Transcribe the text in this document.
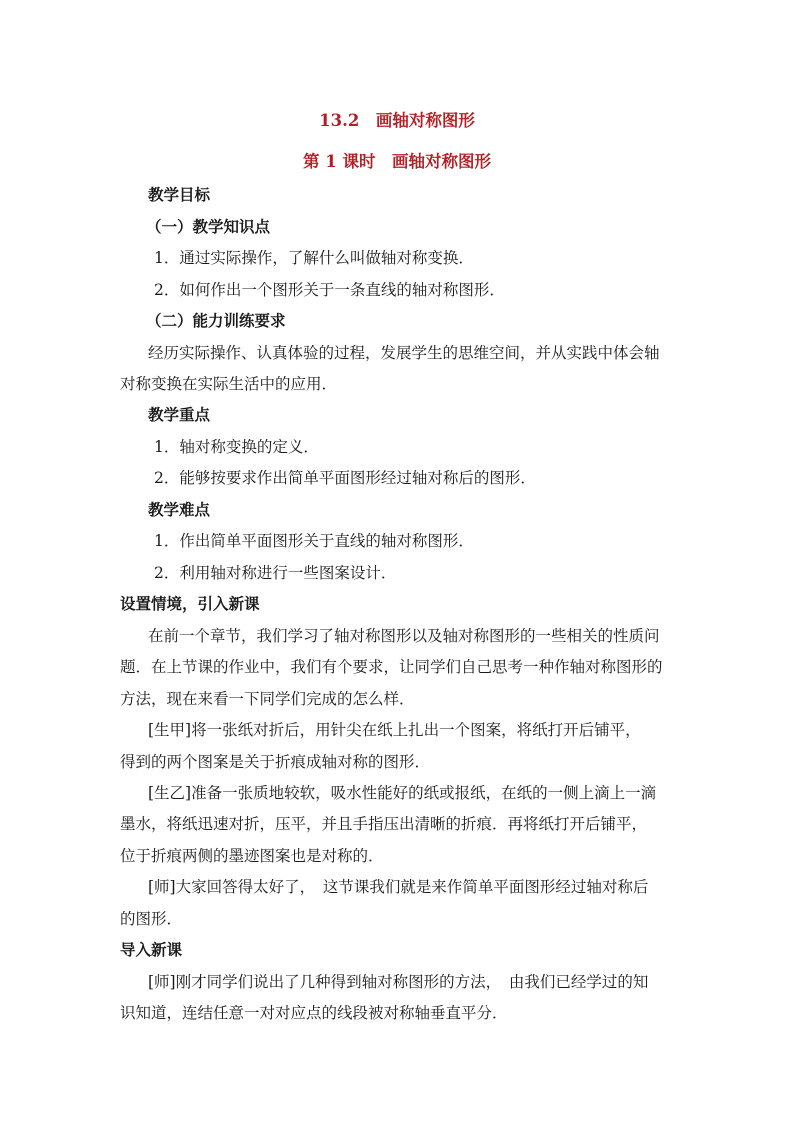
13.2　画轴对称图形
第 1 课时　画轴对称图形
教学目标
（一）教学知识点
1．通过实际操作，了解什么叫做轴对称变换．
2．如何作出一个图形关于一条直线的轴对称图形．
（二）能力训练要求
经历实际操作、认真体验的过程，发展学生的思维空间，并从实践中体会轴
对称变换在实际生活中的应用．
教学重点
1．轴对称变换的定义．
2．能够按要求作出简单平面图形经过轴对称后的图形．
教学难点
1．作出简单平面图形关于直线的轴对称图形．
2．利用轴对称进行一些图案设计．
设置情境，引入新课
在前一个章节，我们学习了轴对称图形以及轴对称图形的一些相关的性质问
题．在上节课的作业中，我们有个要求，让同学们自己思考一种作轴对称图形的
方法，现在来看一下同学们完成的怎么样．
[生甲]将一张纸对折后，用针尖在纸上扎出一个图案，将纸打开后铺平，
得到的两个图案是关于折痕成轴对称的图形．
[生乙]准备一张质地较软，吸水性能好的纸或报纸，在纸的一侧上滴上一滴
墨水，将纸迅速对折，压平，并且手指压出清晰的折痕．再将纸打开后铺平，
位于折痕两侧的墨迹图案也是对称的．
[师]大家回答得太好了，　这节课我们就是来作简单平面图形经过轴对称后
的图形．
导入新课
[师]刚才同学们说出了几种得到轴对称图形的方法，　由我们已经学过的知
识知道，连结任意一对对应点的线段被对称轴垂直平分．
